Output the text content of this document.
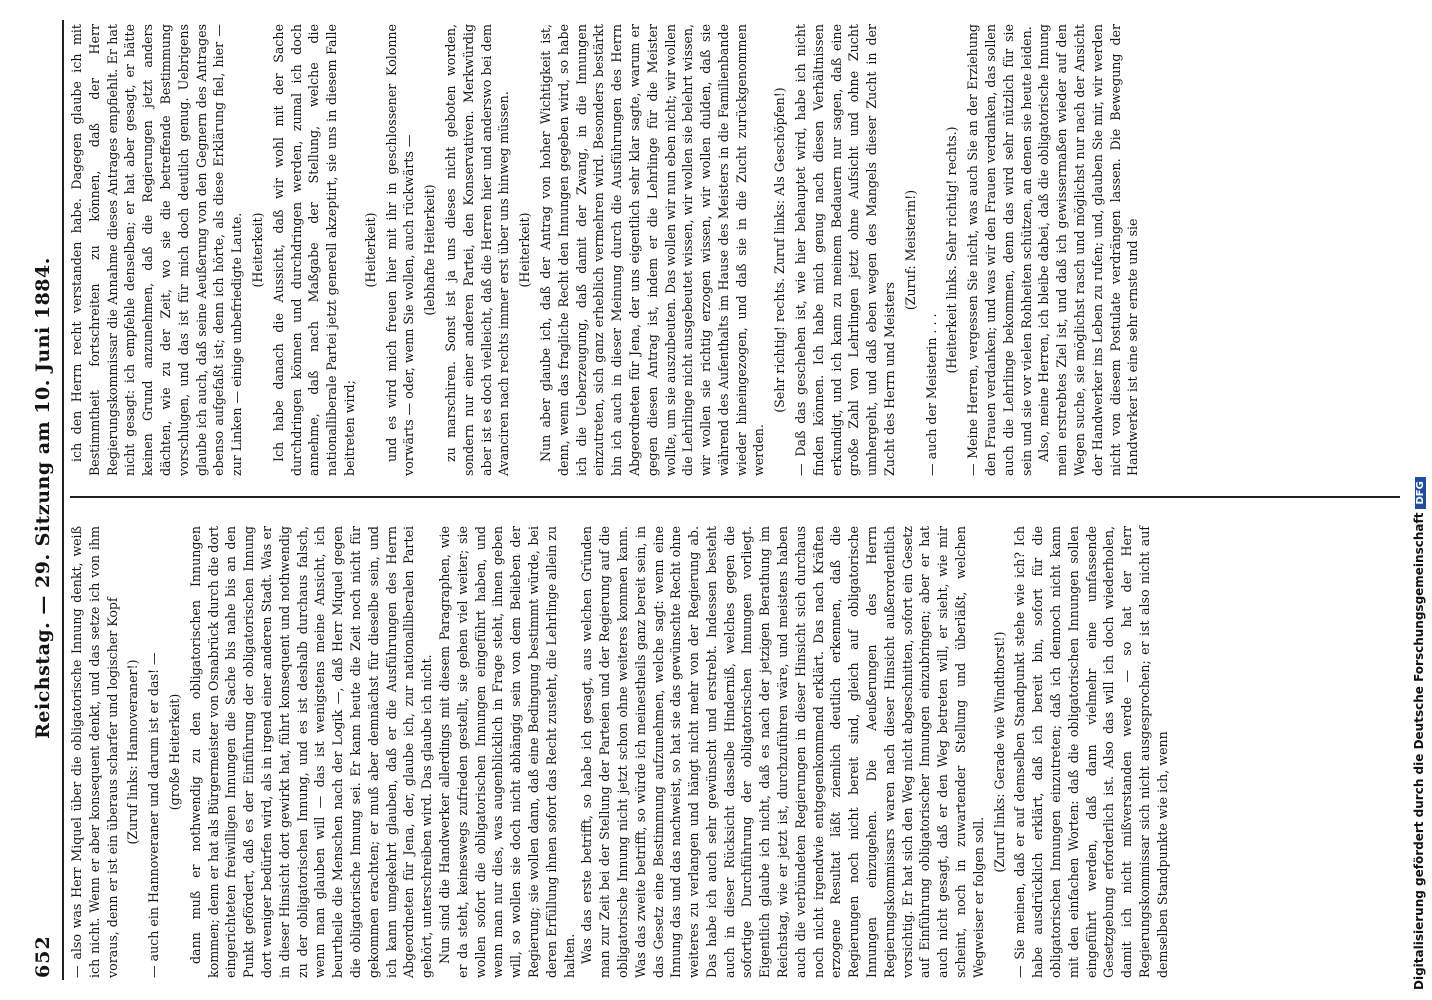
652
Reichstag. — 29. Sitzung am 10. Juni 1884.

— also was Herr Miquel über die obligatorische Innung denkt, weiß ich nicht. Wenn er aber konsequent denkt, und das setze ich von ihm voraus, denn er ist ein überaus scharfer und logischer Kopf (Zuruf links: Hannoveraner!) — auch ein Hannoveraner und darum ist er das! — (große Heiterkeit) dann muß er nothwendig zu den obligatorischen Innungen kommen; denn er hat als Bürgermeister von Osnabrück durch die dort eingerichteten freiwilligen Innungen die Sache bis nahe bis an den Punkt gefördert, daß es der Einführung der obligatorischen Innung dort weniger bedürfen wird, als in irgend einer anderen Stadt. Was er in dieser Hinsicht dort gewirkt hat, führt konsequent und nothwendig zu der obligatorischen Innung, und es ist deshalb durchaus falsch, wenn man glauben will — das ist wenigstens meine Ansicht, ich beurtheile die Menschen nach der Logik —, daß Herr Miquel gegen die obligatorische Innung sei. Er kann heute die Zeit noch nicht für gekommen erachten; er muß aber demnächst für dieselbe sein, und ich kann umgekehrt glauben, daß er die Ausführungen des Herrn Abgeordneten für Jena, der, glaube ich, zur nationalliberalen Partei gehört, unterschreiben wird. Das glaube ich nicht. Nun sind die Handwerker allerdings mit diesem Paragraphen, wie er da steht, keineswegs zufrieden gestellt, sie gehen viel weiter; sie wollen sofort die obligatorischen Innungen eingeführt haben, und wenn man nur dies, was augenblicklich in Frage steht, ihnen geben will, so wollen sie doch nicht abhängig sein von dem Belieben der Regierung; sie wollen dann, daß eine Bedingung bestimmt würde, bei deren Erfüllung ihnen sofort das Recht zusteht, die Lehrlinge allein zu halten. Was das erste betrifft, so habe ich gesagt, aus welchen Gründen man zur Zeit bei der Stellung der Parteien und der Regierung auf die obligatorische Innung nicht jetzt schon ohne weiteres kommen kann. Was das zweite betrifft, so würde ich meinestheils ganz bereit sein, in das Gesetz eine Bestimmung aufzunehmen, welche sagt: wenn eine Innung das und das nachweist, so hat sie das gewünschte Recht ohne weiteres zu verlangen und hängt nicht mehr von der Regierung ab. Das habe ich auch sehr gewünscht und erstrebt. Indessen besteht auch in dieser Rücksicht dasselbe Hinderniß, welches gegen die sofortige Durchführung der obligatorischen Innungen vorliegt. Eigentlich glaube ich nicht, daß es nach der jetzigen Berathung im Reichstag, wie er jetzt ist, durchzuführen wäre, und meistens haben auch die verbündeten Regierungen in dieser Hinsicht sich durchaus noch nicht irgendwie entgegenkommend erklärt. Das nach Kräften erzogene Resultat läßt ziemlich deutlich erkennen, daß die Regierungen noch nicht bereit sind, gleich auf obligatorische Innungen einzugehen. Die Aeußerungen des Herrn Regierungskommissars waren nach dieser Hinsicht außerordentlich vorsichtig. Er hat sich den Weg nicht abgeschnitten, sofort ein Gesetz auf Einführung obligatorischer Innungen einzubringen; aber er hat auch nicht gesagt, daß er den Weg betreten will, er sieht, wie mir scheint, noch in zuwartender Stellung und überläßt, welchen Wegweiser er folgen soll.

(Zuruf links: Gerade wie Windthorst!) — Sie meinen, daß er auf demselben Standpunkt stehe wie ich? Ich habe ausdrücklich erklärt, daß ich bereit bin, sofort für die obligatorischen Innungen einzutreten; daß ich dennoch nicht kann mit den einfachen Worten: daß die obligatorischen Innungen sollen eingeführt werden, daß dann vielmehr eine umfassende Gesetzgebung erforderlich ist. Also das will ich doch wiederholen, damit ich nicht mißverstanden werde — so hat der Herr Regierungskommissar sich nicht ausgesprochen; er ist also nicht auf demselben Standpunkte wie ich, wenn

ich den Herrn recht verstanden habe. Dagegen glaube ich mit Bestimmtheit fortschreiten zu können, daß der Herr Regierungskommissar die Annahme dieses Antrages empfiehlt. Er hat nicht gesagt: ich empfehle denselben; er hat aber gesagt, er hätte keinen Grund anzunehmen, daß die Regierungen jetzt anders dächten, wie zu der Zeit, wo sie die betreffende Bestimmung vorschlugen, und das ist für mich doch deutlich genug. Uebrigens glaube ich auch, daß seine Aeußerung von den Gegnern des Antrages ebenso aufgefaßt ist; denn ich hörte, als diese Erklärung fiel, hier — zur Linken — einige unbefriedigte Laute. (Heiterkeit) Ich habe danach die Aussicht, daß wir wohl mit der Sache durchdringen können und durchdringen werden, zumal ich doch annehme, daß nach Maßgabe der Stellung, welche die nationalliberale Partei jetzt generell akzeptirt, sie uns in diesem Falle beitreten wird;

(Heiterkeit) und es wird mich freuen hier mit ihr in geschlossener Kolonne vorwärts — oder, wenn Sie wollen, auch rückwärts — (lebhafte Heiterkeit) zu marschiren. Sonst ist ja uns dieses nicht geboten worden, sondern nur einer anderen Partei, den Konservativen. Merkwürdig aber ist es doch vielleicht, daß die Herren hier und anderswo bei dem Avanciren nach rechts immer erst über uns hinweg müssen. (Heiterkeit) Nun aber glaube ich, daß der Antrag von hoher Wichtigkeit ist, denn, wenn das fragliche Recht den Innungen gegeben wird, so habe ich die Ueberzeugung, daß damit der Zwang, in die Innungen einzutreten, sich ganz erheblich vermehren wird. Besonders bestärkt bin ich auch in dieser Meinung durch die Ausführungen des Herrn Abgeordneten für Jena, der uns eigentlich sehr klar sagte, warum er gegen diesen Antrag ist, indem er die Lehrlinge für die Meister wollte, um sie auszubeuten. Das wollen wir nun eben nicht; wir wollen die Lehrlinge nicht ausgebeutet wissen, wir wollen sie belehrt wissen, wir wollen sie richtig erzogen wissen, wir wollen dulden, daß sie während des Aufenthalts im Hause des Meisters in die Familienbande wieder hineingezogen, und daß sie in die Zucht zurückgenommen werden.

(Sehr richtig! rechts. Zuruf links: Als Geschöpfen!) — Daß das geschehen ist, wie hier behauptet wird, habe ich nicht finden können. Ich habe mich genug nach diesen Verhältnissen erkundigt, und ich kann zu meinem Bedauern nur sagen, daß eine große Zahl von Lehrlingen jetzt ohne Aufsicht und ohne Zucht umhergeht, und daß eben wegen des Mangels dieser Zucht in der Zucht des Herrn und Meisters

(Zuruf: Meisterin!)

— auch der Meisterin . . .

(Heiterkeit links. Sehr richtig! rechts.) — Meine Herren, vergessen Sie nicht, was auch Sie an der Erziehung den Frauen verdanken; und was wir den Frauen verdanken, das sollen auch die Lehrlinge bekommen, denn das wird sehr nützlich für sie sein und sie vor vielen Rohheiten schützen, an denen sie heute leiden. Also, meine Herren, ich bleibe dabei, daß die obligatorische Innung mein erstrebtes Ziel ist, und daß ich gewissermaßen wieder auf den Wegen suche, sie möglichst rasch und möglichst nur nach der Ansicht der Handwerker ins Leben zu rufen; und, glauben Sie mir, wir werden nicht von diesem Postulate verdrängen lassen. Die Bewegung der Handwerker ist eine sehr ernste und sie

Digitalisierung gefördert durch die Deutsche ForschungsgemeinschaftDFG
